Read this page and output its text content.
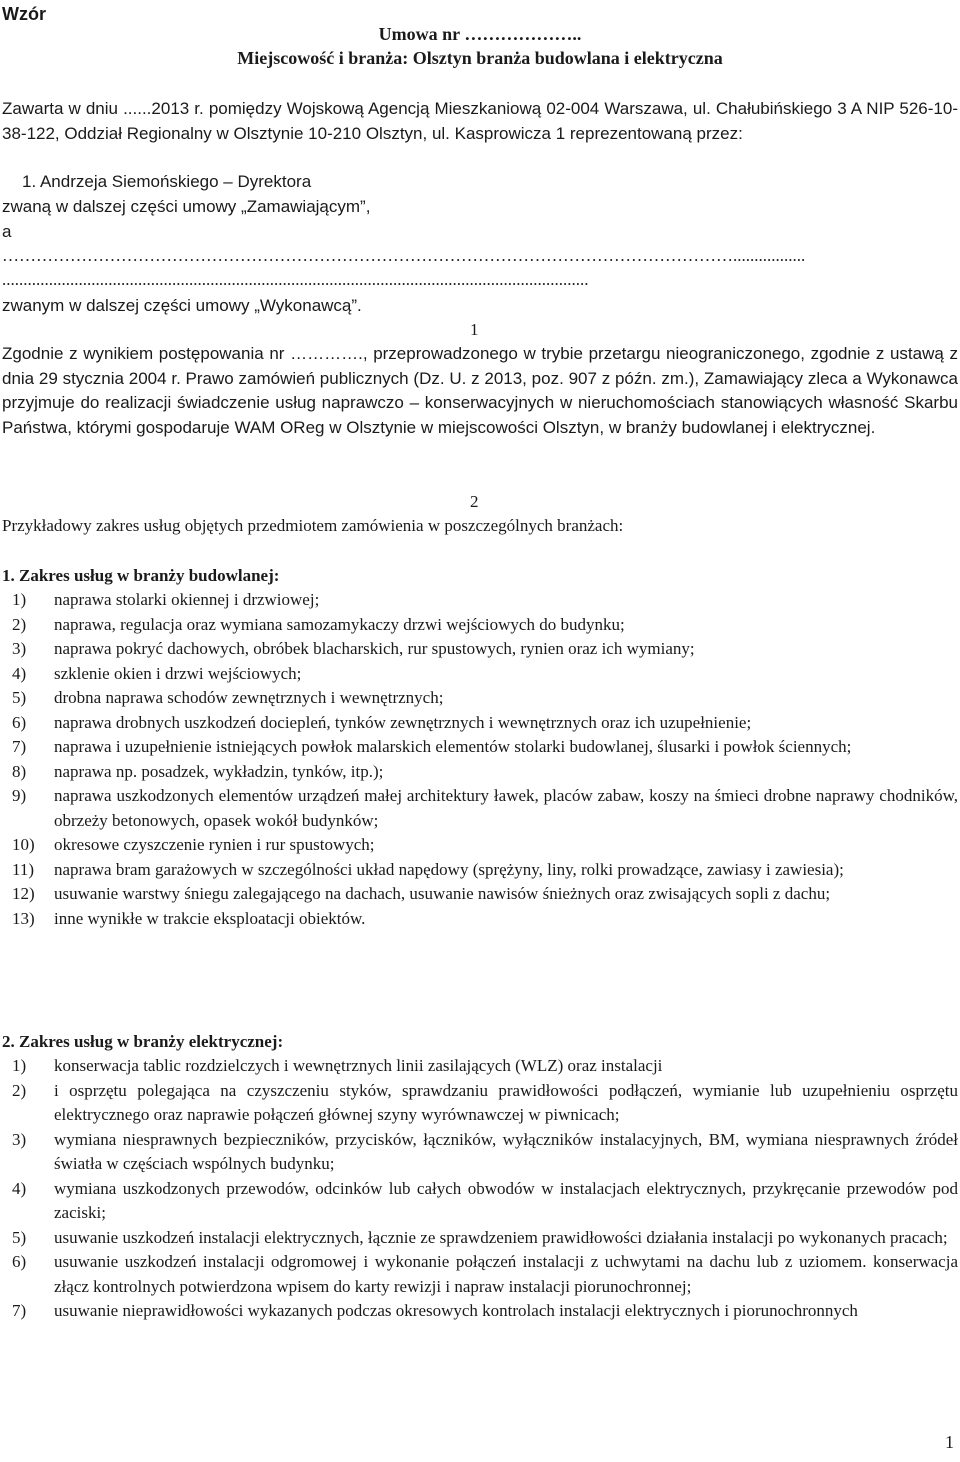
Wzór
Umowa nr ………………..
Miejscowość i branża: Olsztyn branża budowlana i elektryczna
Zawarta w dniu ......2013 r. pomiędzy Wojskową Agencją Mieszkaniową 02-004 Warszawa, ul. Chałubińskiego 3 A NIP 526-10-38-122, Oddział Regionalny w Olsztynie 10-210 Olsztyn, ul. Kasprowicza 1 reprezentowaną przez:
1. Andrzeja Siemońskiego – Dyrektora
zwaną w dalszej części umowy „Zamawiającym”,
a
………………………………………………………………………………………………………………….................
..........................................................................................................................................
zwanym w dalszej części umowy „Wykonawcą”.
1
Zgodnie z wynikiem postępowania nr …………., przeprowadzonego w trybie przetargu nieograniczonego, zgodnie z ustawą z dnia 29 stycznia 2004 r. Prawo zamówień publicznych (Dz. U. z 2013, poz. 907 z późn. zm.), Zamawiający zleca a Wykonawca przyjmuje do realizacji świadczenie usług naprawczo – konserwacyjnych w nieruchomościach stanowiących własność Skarbu Państwa, którymi gospodaruje WAM OReg w Olsztynie w miejscowości Olsztyn, w branży budowlanej i elektrycznej.
2
Przykładowy zakres usług objętych przedmiotem zamówienia w poszczególnych branżach:
1. Zakres usług w branży budowlanej:
1)	naprawa stolarki okiennej i drzwiowej;
2)	naprawa, regulacja oraz wymiana samozamykaczy drzwi wejściowych do budynku;
3)	naprawa pokryć dachowych, obróbek blacharskich, rur spustowych, rynien oraz ich wymiany;
4)	szklenie okien i drzwi wejściowych;
5)	drobna naprawa schodów zewnętrznych i wewnętrznych;
6)	naprawa drobnych uszkodzeń dociepleń, tynków zewnętrznych i wewnętrznych oraz ich uzupełnienie;
7)	naprawa i uzupełnienie istniejących powłok malarskich elementów stolarki budowlanej, ślusarki i powłok ściennych;
8)	naprawa np. posadzek, wykładzin, tynków, itp.);
9)	naprawa uszkodzonych elementów urządzeń małej architektury ławek, placów zabaw, koszy na śmieci drobne naprawy chodników, obrzeży betonowych, opasek wokół budynków;
10)	okresowe czyszczenie rynien i rur spustowych;
11)	naprawa bram garażowych w szczególności układ napędowy (sprężyny, liny, rolki prowadzące, zawiasy i zawiesia);
12)	usuwanie warstwy śniegu zalegającego na dachach, usuwanie nawisów śnieżnych oraz zwisających sopli z dachu;
13)	inne wynikłe w trakcie eksploatacji obiektów.
2. Zakres usług w branży elektrycznej:
1)	konserwacja tablic rozdzielczych i wewnętrznych linii zasilających (WLZ) oraz instalacji
2)	i osprzętu polegająca na czyszczeniu styków, sprawdzaniu prawidłowości podłączeń, wymianie lub uzupełnieniu osprzętu elektrycznego oraz naprawie połączeń głównej szyny wyrównawczej w piwnicach;
3)	wymiana niesprawnych bezpieczników, przycisków, łączników, wyłączników instalacyjnych, BM, wymiana niesprawnych źródeł światła w częściach wspólnych budynku;
4)	wymiana uszkodzonych przewodów, odcinków lub całych obwodów w instalacjach elektrycznych, przykręcanie przewodów pod zaciski;
5)	usuwanie uszkodzeń instalacji elektrycznych, łącznie ze sprawdzeniem prawidłowości działania instalacji po wykonanych pracach;
6)	usuwanie uszkodzeń instalacji odgromowej i wykonanie połączeń instalacji z uchwytami na dachu lub z uziomem. konserwacja złącz kontrolnych potwierdzona wpisem do karty rewizji i napraw instalacji piorunochronnej;
7)	usuwanie nieprawidłowości wykazanych podczas okresowych kontrolach instalacji elektrycznych i piorunochronnych
1
